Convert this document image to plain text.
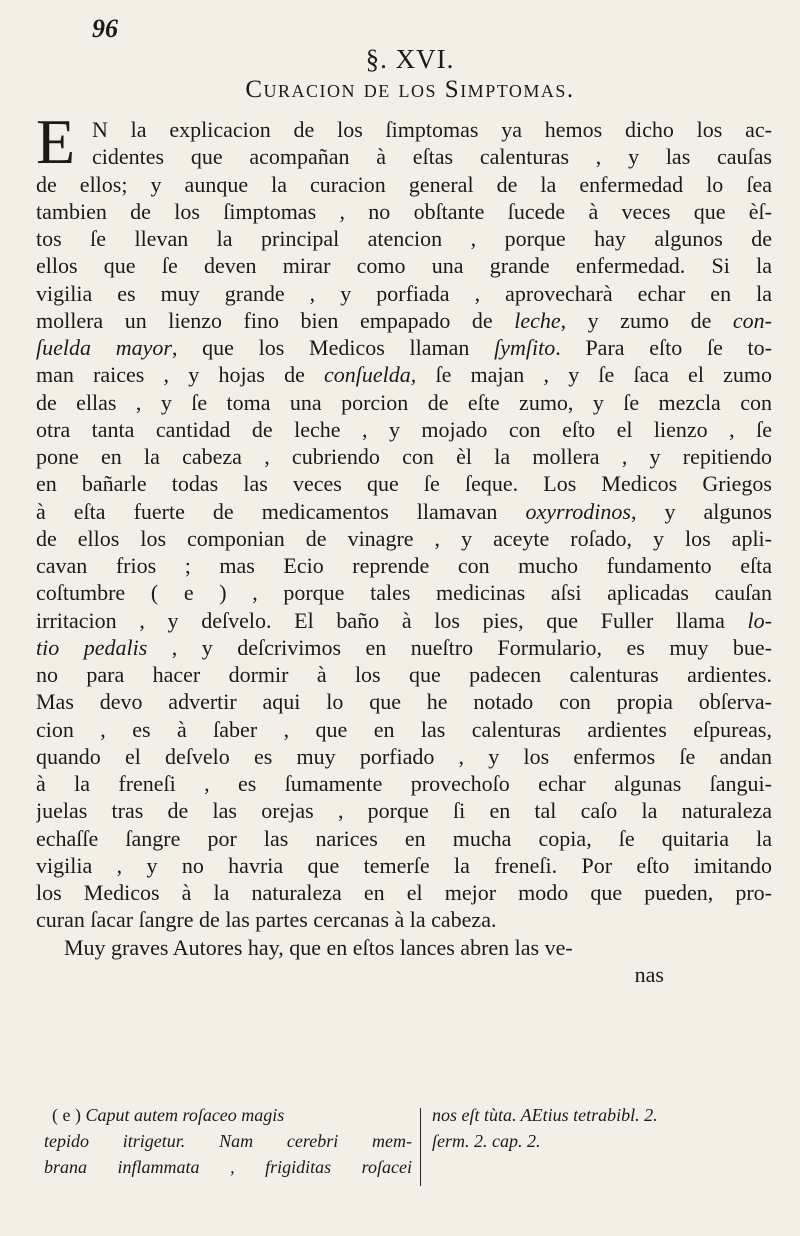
96
§. XVI.
Curacion de los Simptomas.
E N la explicacion de los ſimptomas ya hemos dicho los ac-
cidentes que acompañan à eſtas calenturas , y las cauſas
de ellos; y aunque la curacion general de la enfermedad lo ſea
tambien de los ſimptomas , no obſtante ſucede à veces que èſ-
tos ſe llevan la principal atencion , porque hay algunos de
ellos que ſe deven mirar como una grande enfermedad. Si la
vigilia es muy grande , y porfiada , aprovecharà echar en la
mollera un lienzo fino bien empapado de leche, y zumo de con-
ſuelda mayor, que los Medicos llaman ſymſito. Para eſto ſe to-
man raices , y hojas de conſuelda, ſe majan , y ſe ſaca el zumo
de ellas , y ſe toma una porcion de eſte zumo, y ſe mezcla con
otra tanta cantidad de leche , y mojado con eſto el lienzo , ſe
pone en la cabeza , cubriendo con èl la mollera , y repitiendo
en bañarle todas las veces que ſe ſeque. Los Medicos Griegos
à eſta fuerte de medicamentos llamavan oxyrrodinos, y algunos
de ellos los componian de vinagre , y aceyte roſado, y los apli-
cavan frios ; mas Ecio reprende con mucho fundamento eſta
coſtumbre ( e ) , porque tales medicinas aſsi aplicadas cauſan
irritacion , y deſvelo. El baño à los pies, que Fuller llama lo-
tio pedalis , y deſcrivimos en nueſtro Formulario, es muy bue-
no para hacer dormir à los que padecen calenturas ardientes.
Mas devo advertir aqui lo que he notado con propia obſerva-
cion , es à ſaber , que en las calenturas ardientes eſpureas,
quando el deſvelo es muy porfiado , y los enfermos ſe andan
à la freneſi , es ſumamente provechoſo echar algunas ſangui-
juelas tras de las orejas , porque ſi en tal caſo la naturaleza
echaſſe ſangre por las narices en mucha copia, ſe quitaria la
vigilia , y no havria que temerſe la freneſi. Por eſto imitando
los Medicos à la naturaleza en el mejor modo que pueden, pro-
curan ſacar ſangre de las partes cercanas à la cabeza.
Muy graves Autores hay, que en eſtos lances abren las ve-
nas
( e ) Caput autem roſaceo magis
tepido itrigetur. Nam cerebri mem-
brana inflammata , frigiditas roſacei
nos eſt tùta. AEtius tetrabibl. 2.
ſerm. 2. cap. 2.
